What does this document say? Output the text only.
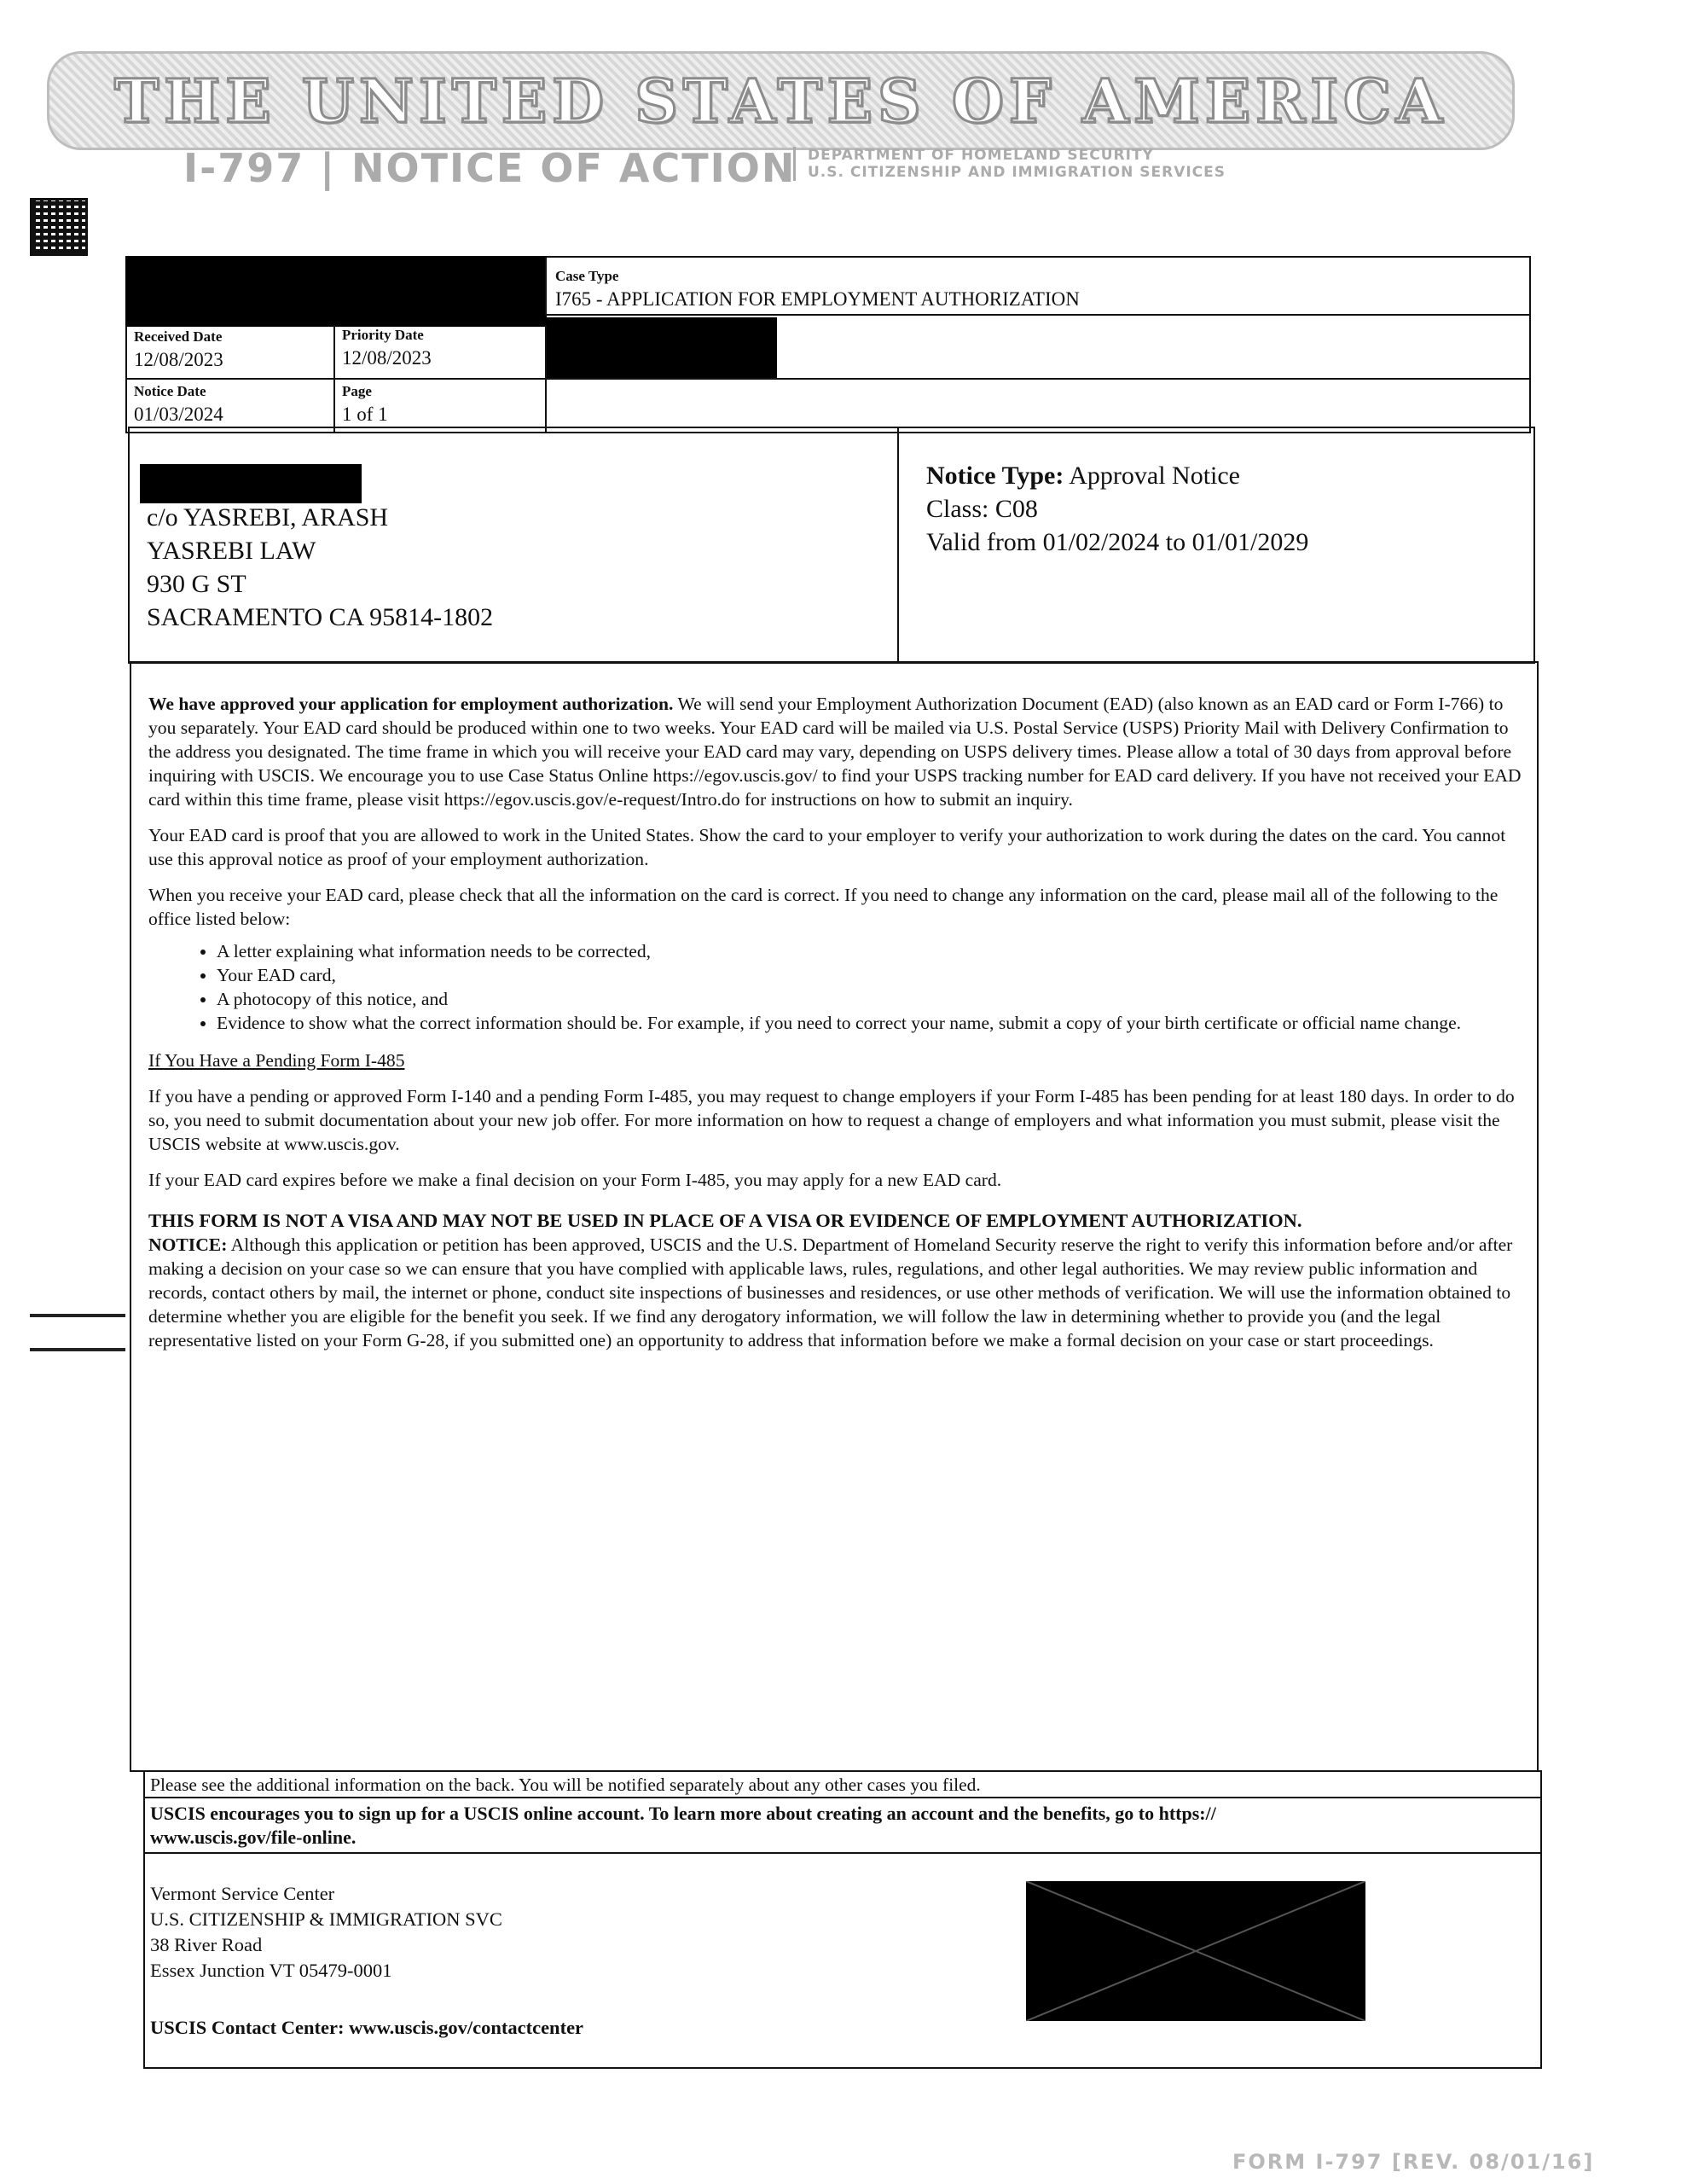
THE UNITED STATES OF AMERICA
I-797 | NOTICE OF ACTION DEPARTMENT OF HOMELAND SECURITY
U.S. CITIZENSHIP AND IMMIGRATION SERVICES
Case Type
I765 - APPLICATION FOR EMPLOYMENT AUTHORIZATION
Received Date
12/08/2023
Priority Date
12/08/2023
Notice Date
01/03/2024
Page
1 of 1
c/o YASREBI, ARASH
YASREBI LAW
930 G ST
SACRAMENTO CA 95814-1802
Notice Type: Approval Notice
Class: C08
Valid from 01/02/2024 to 01/01/2029

We have approved your application for employment authorization. We will send your Employment Authorization Document (EAD) (also known as an EAD card or Form I-766) to you separately. Your EAD card should be produced within one to two weeks. Your EAD card will be mailed via U.S. Postal Service (USPS) Priority Mail with Delivery Confirmation to the address you designated. The time frame in which you will receive your EAD card may vary, depending on USPS delivery times. Please allow a total of 30 days from approval before inquiring with USCIS. We encourage you to use Case Status Online https://egov.uscis.gov/ to find your USPS tracking number for EAD card delivery. If you have not received your EAD card within this time frame, please visit https://egov.uscis.gov/e-request/Intro.do for instructions on how to submit an inquiry.

Your EAD card is proof that you are allowed to work in the United States. Show the card to your employer to verify your authorization to work during the dates on the card. You cannot use this approval notice as proof of your employment authorization.

When you receive your EAD card, please check that all the information on the card is correct. If you need to change any information on the card, please mail all of the following to the office listed below:

• A letter explaining what information needs to be corrected,
• Your EAD card,
• A photocopy of this notice, and
• Evidence to show what the correct information should be. For example, if you need to correct your name, submit a copy of your birth certificate or official name change.

If You Have a Pending Form I-485

If you have a pending or approved Form I-140 and a pending Form I-485, you may request to change employers if your Form I-485 has been pending for at least 180 days. In order to do so, you need to submit documentation about your new job offer. For more information on how to request a change of employers and what information you must submit, please visit the USCIS website at www.uscis.gov.

If your EAD card expires before we make a final decision on your Form I-485, you may apply for a new EAD card.

THIS FORM IS NOT A VISA AND MAY NOT BE USED IN PLACE OF A VISA OR EVIDENCE OF EMPLOYMENT AUTHORIZATION.

NOTICE: Although this application or petition has been approved, USCIS and the U.S. Department of Homeland Security reserve the right to verify this information before and/or after making a decision on your case so we can ensure that you have complied with applicable laws, rules, regulations, and other legal authorities. We may review public information and records, contact others by mail, the internet or phone, conduct site inspections of businesses and residences, or use other methods of verification. We will use the information obtained to determine whether you are eligible for the benefit you seek. If we find any derogatory information, we will follow the law in determining whether to provide you (and the legal representative listed on your Form G-28, if you submitted one) an opportunity to address that information before we make a formal decision on your case or start proceedings.

Please see the additional information on the back. You will be notified separately about any other cases you filed.
USCIS encourages you to sign up for a USCIS online account. To learn more about creating an account and the benefits, go to https://
www.uscis.gov/file-online.
Vermont Service Center
U.S. CITIZENSHIP & IMMIGRATION SVC
38 River Road
Essex Junction VT 05479-0001
USCIS Contact Center: www.uscis.gov/contactcenter
FORM I-797 [REV. 08/01/16]
